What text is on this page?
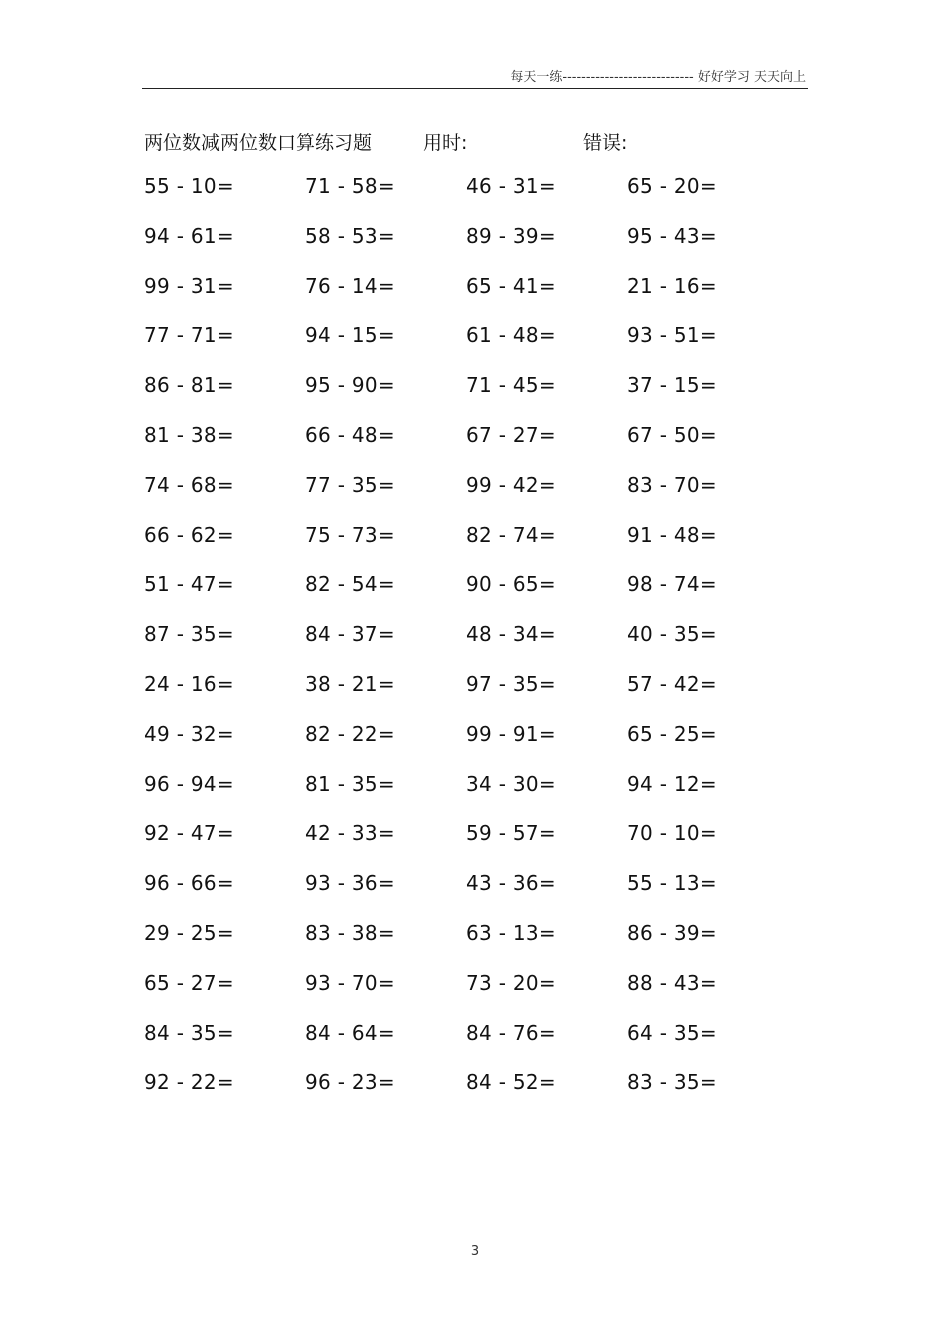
每天一练---------------------------- 好好学习 天天向上
两位数减两位数口算练习题	用时:	错误:
55 - 10=	71 - 58=	46 - 31=	65 - 20=
94 - 61=	58 - 53=	89 - 39=	95 - 43=
99 - 31=	76 - 14=	65 - 41=	21 - 16=
77 - 71=	94 - 15=	61 - 48=	93 - 51=
86 - 81=	95 - 90=	71 - 45=	37 - 15=
81 - 38=	66 - 48=	67 - 27=	67 - 50=
74 - 68=	77 - 35=	99 - 42=	83 - 70=
66 - 62=	75 - 73=	82 - 74=	91 - 48=
51 - 47=	82 - 54=	90 - 65=	98 - 74=
87 - 35=	84 - 37=	48 - 34=	40 - 35=
24 - 16=	38 - 21=	97 - 35=	57 - 42=
49 - 32=	82 - 22=	99 - 91=	65 - 25=
96 - 94=	81 - 35=	34 - 30=	94 - 12=
92 - 47=	42 - 33=	59 - 57=	70 - 10=
96 - 66=	93 - 36=	43 - 36=	55 - 13=
29 - 25=	83 - 38=	63 - 13=	86 - 39=
65 - 27=	93 - 70=	73 - 20=	88 - 43=
84 - 35=	84 - 64=	84 - 76=	64 - 35=
92 - 22=	96 - 23=	84 - 52=	83 - 35=
3
